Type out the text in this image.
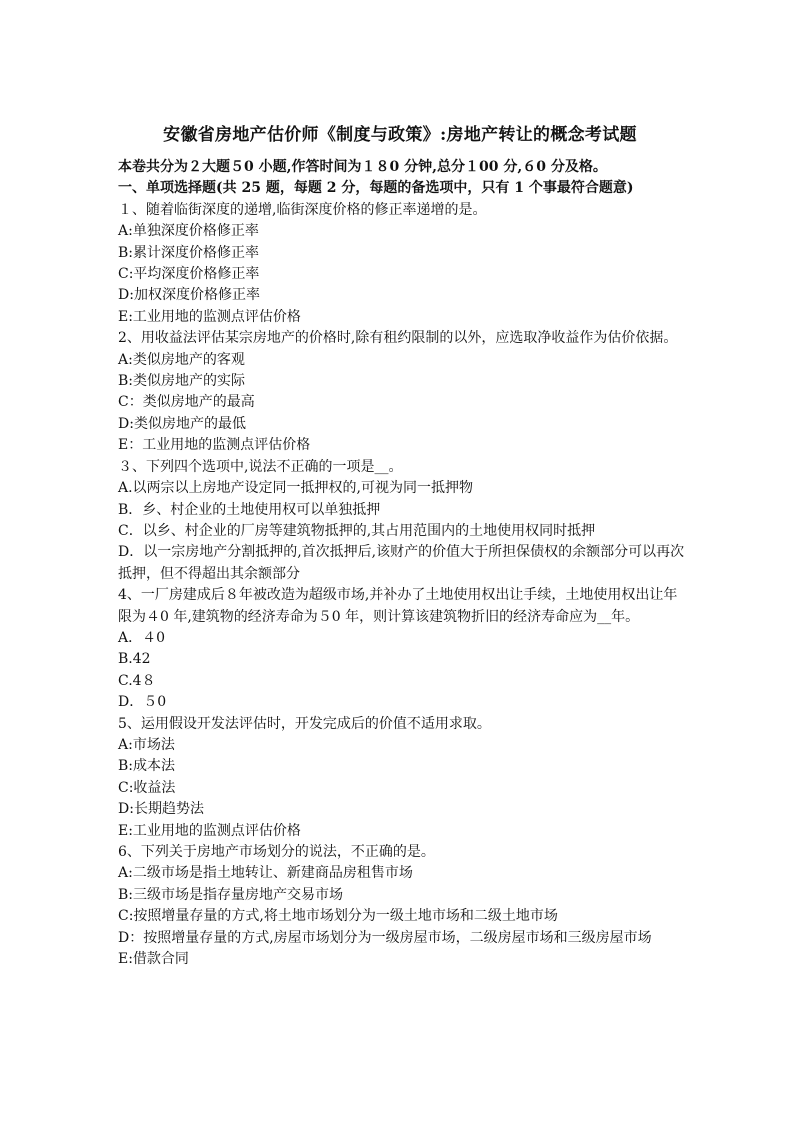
安徽省房地产估价师《制度与政策》:房地产转让的概念考试题

本卷共分为２大题５0 小题,作答时间为１８0 分钟,总分１00 分,６0 分及格。

一、单项选择题(共 25 题，每题 2 分，每题的备选项中，只有 1 个事最符合题意)

１、随着临街深度的递增,临街深度价格的修正率递增的是。

A:单独深度价格修正率

B:累计深度价格修正率

C:平均深度价格修正率

D:加权深度价格修正率

E:工业用地的监测点评估价格

2、用收益法评估某宗房地产的价格时,除有租约限制的以外，应选取净收益作为估价依据。

A:类似房地产的客观

B:类似房地产的实际

C：类似房地产的最高

D:类似房地产的最低

E：工业用地的监测点评估价格

３、下列四个选项中,说法不正确的一项是__。

A.以两宗以上房地产设定同一抵押权的,可视为同一抵押物

B．乡、村企业的土地使用权可以单独抵押

C．以乡、村企业的厂房等建筑物抵押的,其占用范围内的土地使用权同时抵押

D．以一宗房地产分割抵押的,首次抵押后,该财产的价值大于所担保债权的余额部分可以再次抵押，但不得超出其余额部分

4、一厂房建成后８年被改造为超级市场,并补办了土地使用权出让手续，土地使用权出让年限为４0 年,建筑物的经济寿命为５0 年，则计算该建筑物折旧的经济寿命应为__年。

A．４0

B.42

C.4８

D．５0

5、运用假设开发法评估时，开发完成后的价值不适用求取。

A:市场法

B:成本法

C:收益法

D:长期趋势法

E:工业用地的监测点评估价格

6、下列关于房地产市场划分的说法，不正确的是。

A:二级市场是指土地转让、新建商品房租售市场

B:三级市场是指存量房地产交易市场

C:按照增量存量的方式,将土地市场划分为一级土地市场和二级土地市场

D：按照增量存量的方式,房屋市场划分为一级房屋市场，二级房屋市场和三级房屋市场

E:借款合同
